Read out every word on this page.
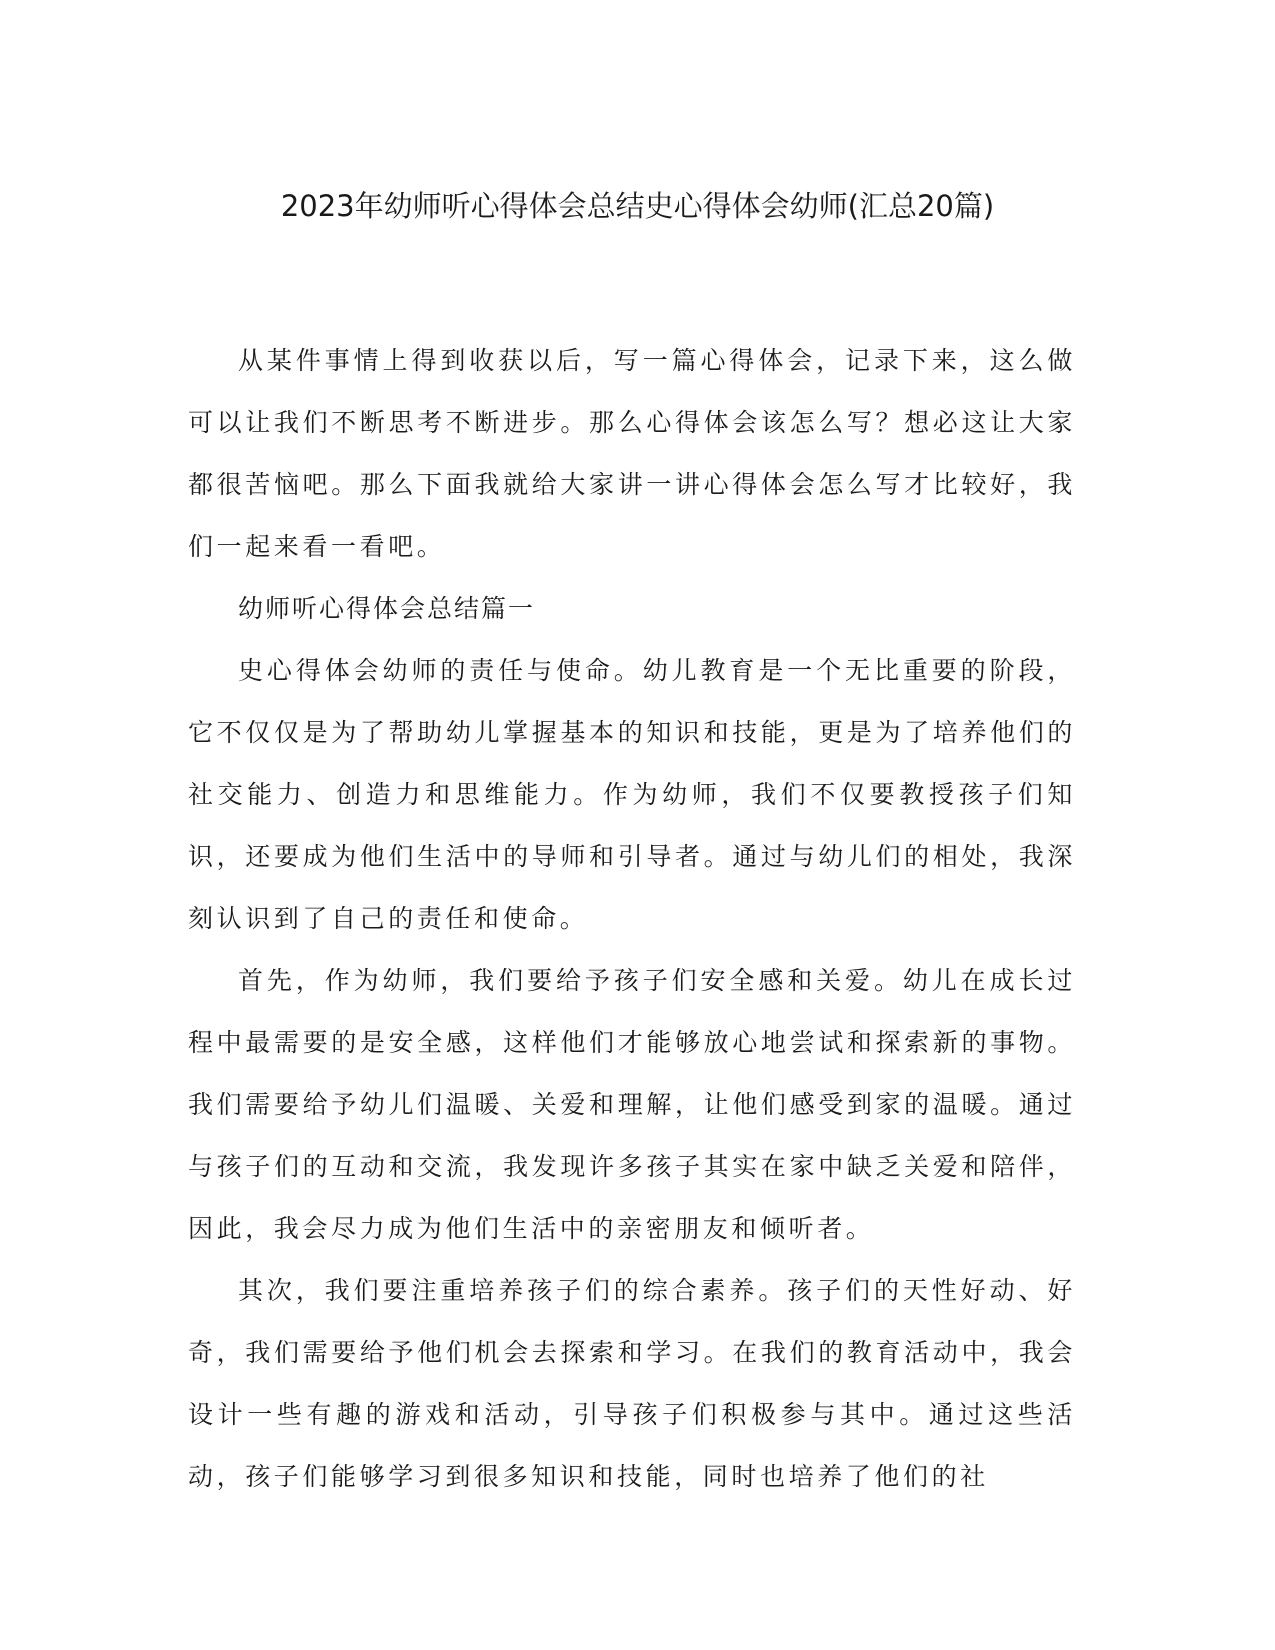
2023年幼师听心得体会总结史心得体会幼师(汇总20篇)

从某件事情上得到收获以后，写一篇心得体会，记录下来，这么做可以让我们不断思考不断进步。那么心得体会该怎么写？想必这让大家都很苦恼吧。那么下面我就给大家讲一讲心得体会怎么写才比较好，我们一起来看一看吧。

幼师听心得体会总结篇一

史心得体会幼师的责任与使命。幼儿教育是一个无比重要的阶段，它不仅仅是为了帮助幼儿掌握基本的知识和技能，更是为了培养他们的社交能力、创造力和思维能力。作为幼师，我们不仅要教授孩子们知识，还要成为他们生活中的导师和引导者。通过与幼儿们的相处，我深刻认识到了自己的责任和使命。

首先，作为幼师，我们要给予孩子们安全感和关爱。幼儿在成长过程中最需要的是安全感，这样他们才能够放心地尝试和探索新的事物。我们需要给予幼儿们温暖、关爱和理解，让他们感受到家的温暖。通过与孩子们的互动和交流，我发现许多孩子其实在家中缺乏关爱和陪伴，因此，我会尽力成为他们生活中的亲密朋友和倾听者。

其次，我们要注重培养孩子们的综合素养。孩子们的天性好动、好奇，我们需要给予他们机会去探索和学习。在我们的教育活动中，我会设计一些有趣的游戏和活动，引导孩子们积极参与其中。通过这些活动，孩子们能够学习到很多知识和技能，同时也培养了他们的社
